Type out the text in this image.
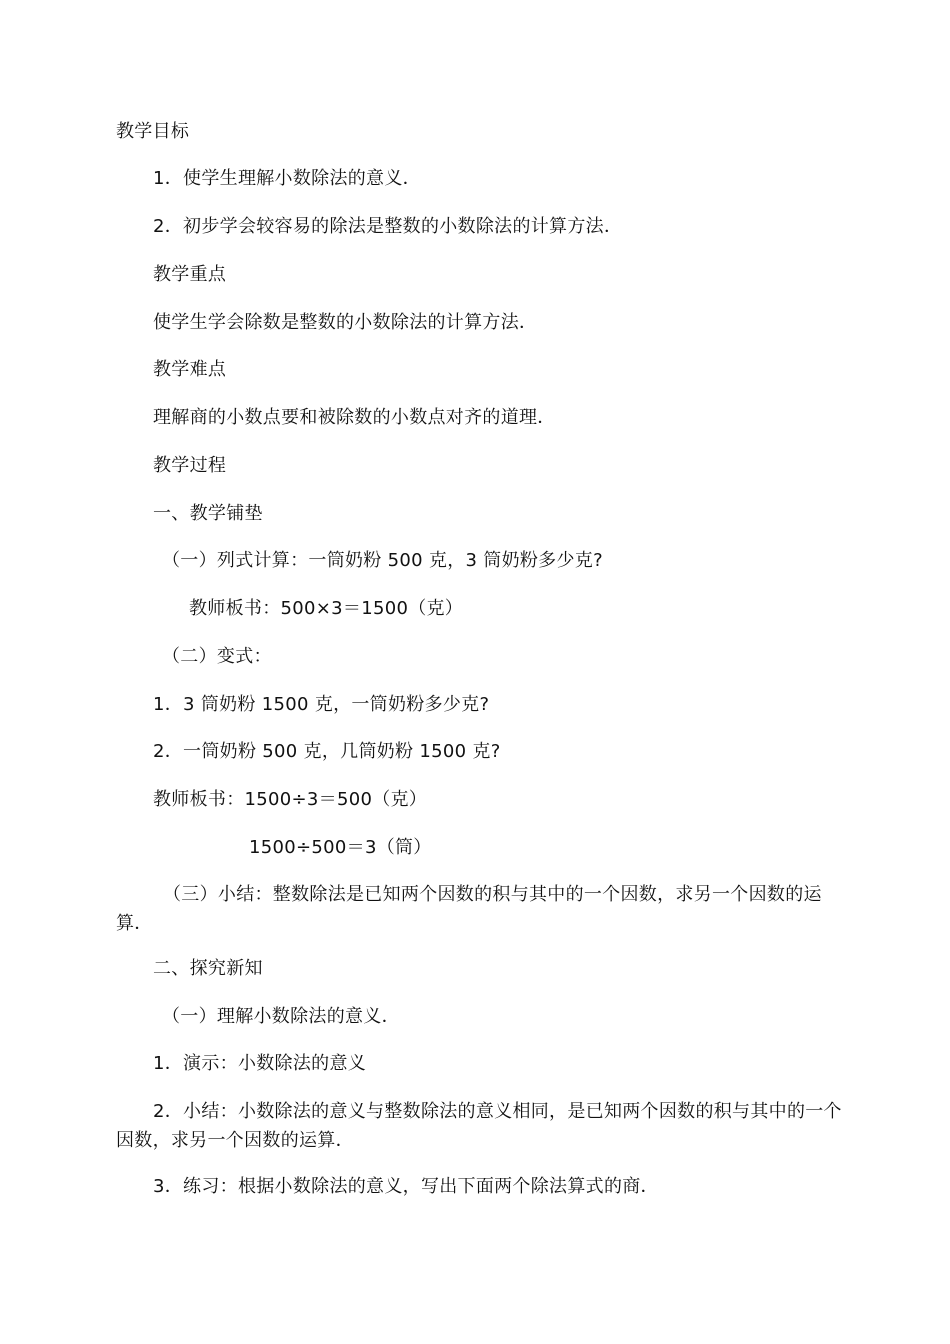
教学目标
1．使学生理解小数除法的意义．
2．初步学会较容易的除法是整数的小数除法的计算方法．
教学重点
使学生学会除数是整数的小数除法的计算方法．
教学难点
理解商的小数点要和被除数的小数点对齐的道理．
教学过程
一、教学铺垫
（一）列式计算：一筒奶粉 500 克，3 筒奶粉多少克?
教师板书：500×3＝1500（克）
（二）变式：
1．3 筒奶粉 1500 克，一筒奶粉多少克?
2．一筒奶粉 500 克，几筒奶粉 1500 克?
教师板书：1500÷3＝500（克）
1500÷500＝3（筒）
（三）小结：整数除法是已知两个因数的积与其中的一个因数，求另一个因数的运算．
二、探究新知
（一）理解小数除法的意义．
1．演示：小数除法的意义
2．小结：小数除法的意义与整数除法的意义相同，是已知两个因数的积与其中的一个因数，求另一个因数的运算．
3．练习：根据小数除法的意义，写出下面两个除法算式的商．
